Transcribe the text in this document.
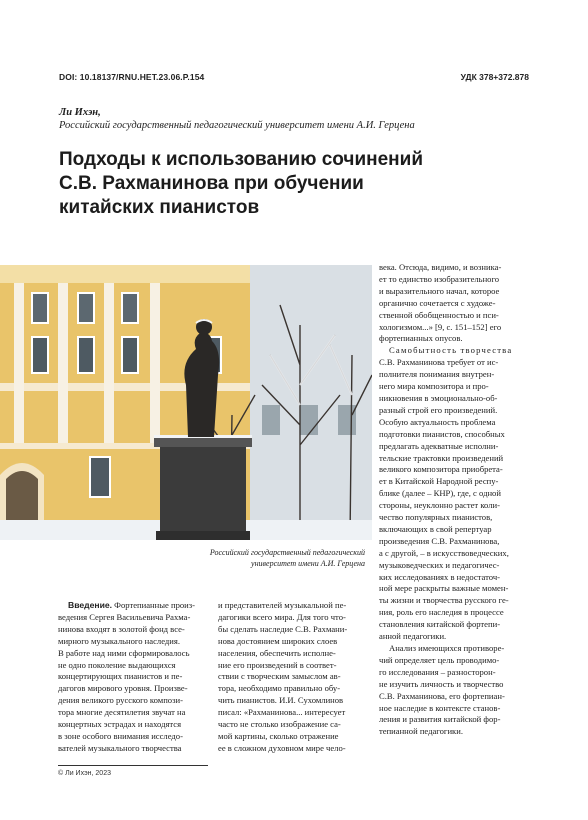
DOI: 10.18137/RNU.HET.23.06.P.154	УДК 378+372.878
Ли Ихэн,
Российский государственный педагогический университет имени А.И. Герцена
Подходы к использованию сочинений
С.В. Рахманинова при обучении
китайских пианистов
Российский государственный педагогический
университет имени А.И. Герцена
Введение. Фортепианные произ-
ведения Сергея Васильевича Рахма-
нинова входят в золотой фонд все-
мирного музыкального наследия.
В работе над ними сформировалось
не одно поколение выдающихся
концертирующих пианистов и пе-
дагогов мирового уровня. Произве-
дения великого русского компози-
тора многие десятилетия звучат на
концертных эстрадах и находятся
в зоне особого внимания исследо-
вателей музыкального творчества
и представителей музыкальной пе-
дагогики всего мира. Для того что-
бы сделать наследие С.В. Рахмани-
нова достоянием широких слоев
населения, обеспечить исполне-
ние его произведений в соответ-
ствии с творческим замыслом ав-
тора, необходимо правильно обу-
чить пианистов. И.И. Сухомлинов
писал: «Рахманинова... интересует
часто не столько изображение са-
мой картины, сколько отражение
ее в сложном духовном мире чело-
века. Отсюда, видимо, и возника-
ет то единство изобразительного
и выразительного начал, которое
органично сочетается с художе-
ственной обобщенностью и пси-
хологизмом...» [9, с. 151–152] его
фортепианных опусов.
Самобытность творчества
С.В. Рахманинова требует от ис-
полнителя понимания внутрен-
него мира композитора и про-
никновения в эмоционально-об-
разный строй его произведений.
Особую актуальность проблема
подготовки пианистов, способных
предлагать адекватные исполни-
тельские трактовки произведений
великого композитора приобрета-
ет в Китайской Народной респу-
блике (далее – КНР), где, с одной
стороны, неуклонно растет коли-
чество популярных пианистов,
включающих в свой репертуар
произведения С.В. Рахманинова,
а с другой, – в искусствоведческих,
музыковедческих и педагогичес-
ких исследованиях в недостаточ-
ной мере раскрыты важные момен-
ты жизни и творчества русского ге-
ния, роль его наследия в процессе
становления китайской фортепи-
анной педагогики.
Анализ имеющихся противоре-
чий определяет цель проводимо-
го исследования – разносторон-
не изучить личность и творчество
С.В. Рахманинова, его фортепиан-
ное наследие в контексте станов-
ления и развития китайской фор-
тепианной педагогики.
© Ли Ихэн, 2023
